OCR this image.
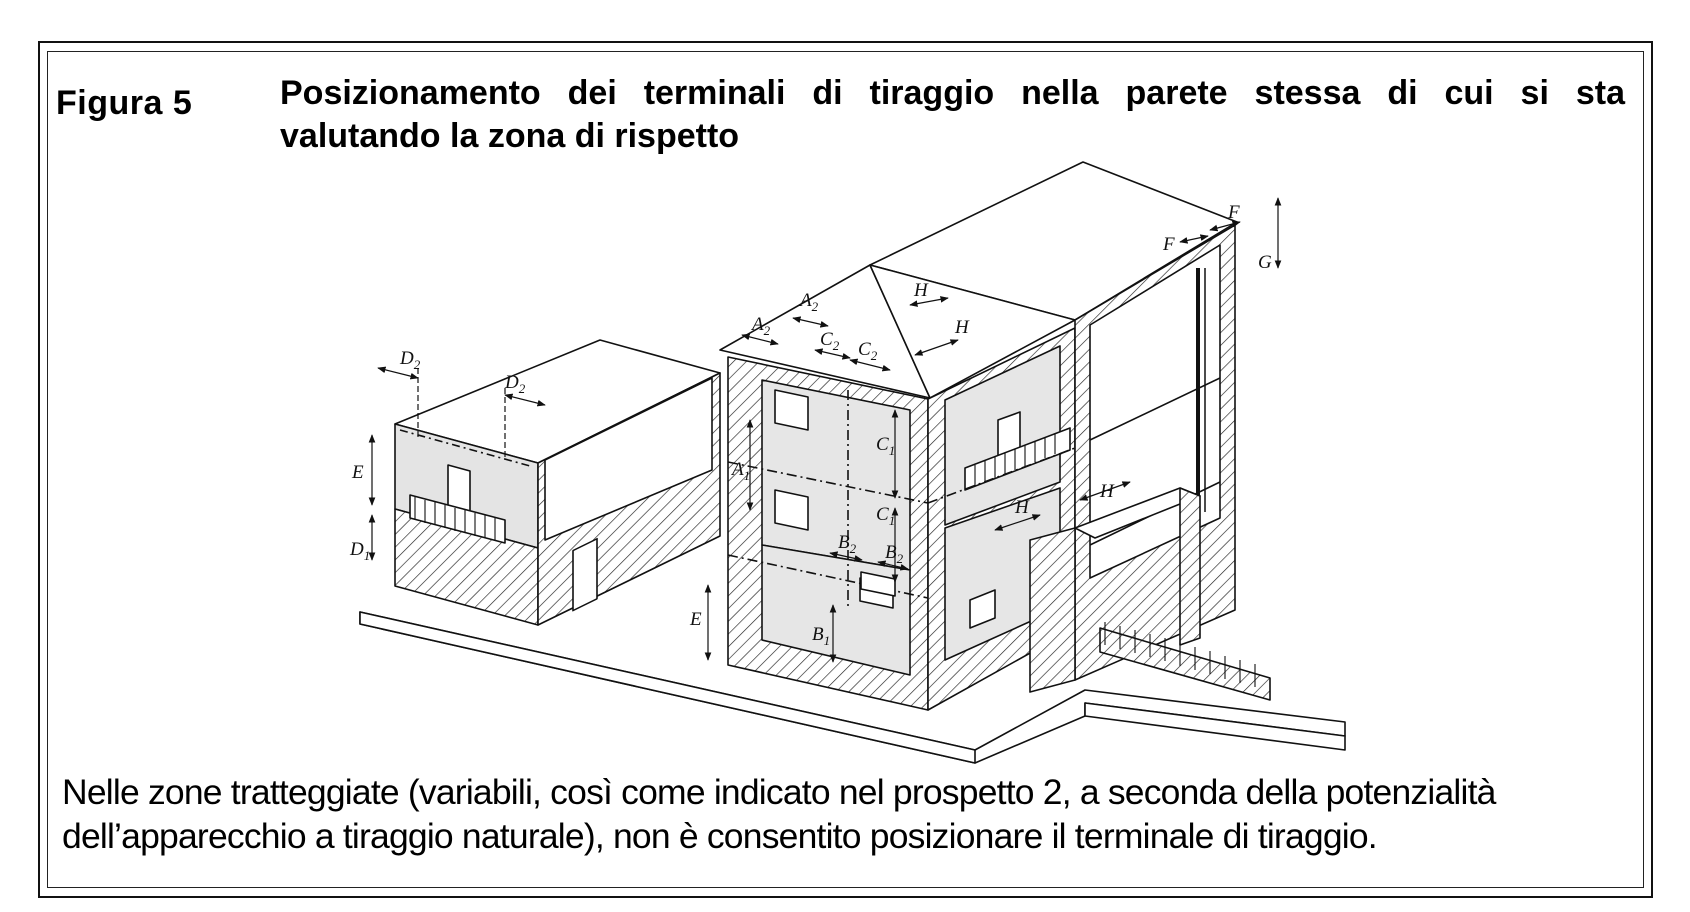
Figura 5	Posizionamento dei terminali di tiraggio nella parete stessa di cui si sta
valutando la zona di rispetto
$D_2$
$D_2$
E
$D_1$
$A_2$
$A_2$
$C_2$ $C_2$
$A_1$
$C_1$
$C_1$
$B_2$ $B_2$
$B_1$
E
H
H
H
H
F
F
G
Nelle zone tratteggiate (variabili, così come indicato nel prospetto 2, a seconda della potenzialità
dell’apparecchio a tiraggio naturale), non è consentito posizionare il terminale di tiraggio.
